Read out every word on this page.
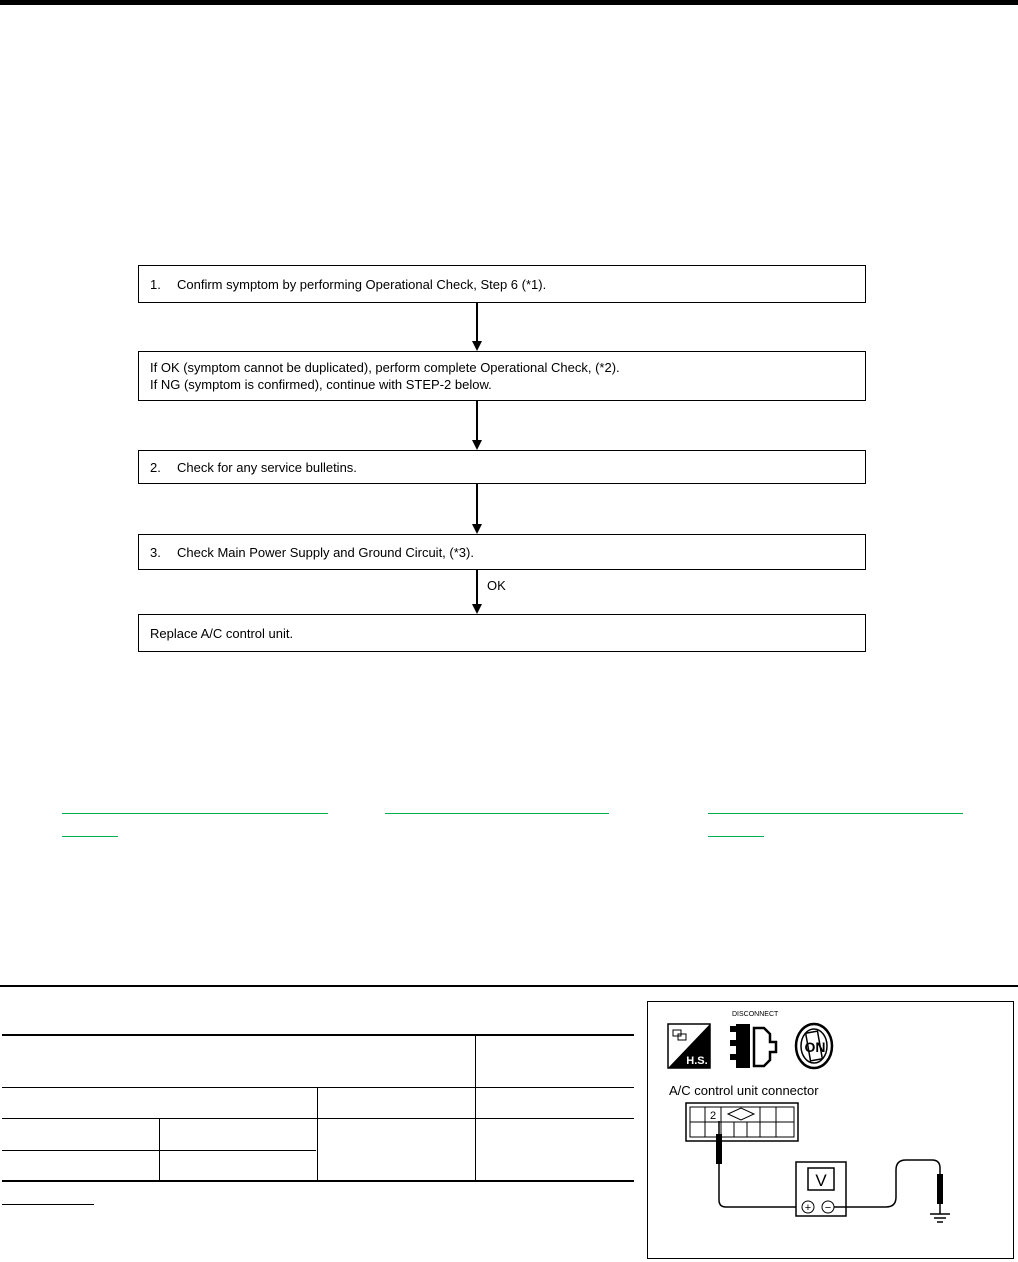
1. Confirm symptom by performing Operational Check, Step 6 (*1).
If OK (symptom cannot be duplicated), perform complete Operational Check, (*2).
If NG (symptom is confirmed), continue with STEP-2 below.
2. Check for any service bulletins.
3. Check Main Power Supply and Ground Circuit, (*3).
OK
Replace A/C control unit.
H.S.
DISCONNECT
ON
A/C control unit connector
2
V
+ −
